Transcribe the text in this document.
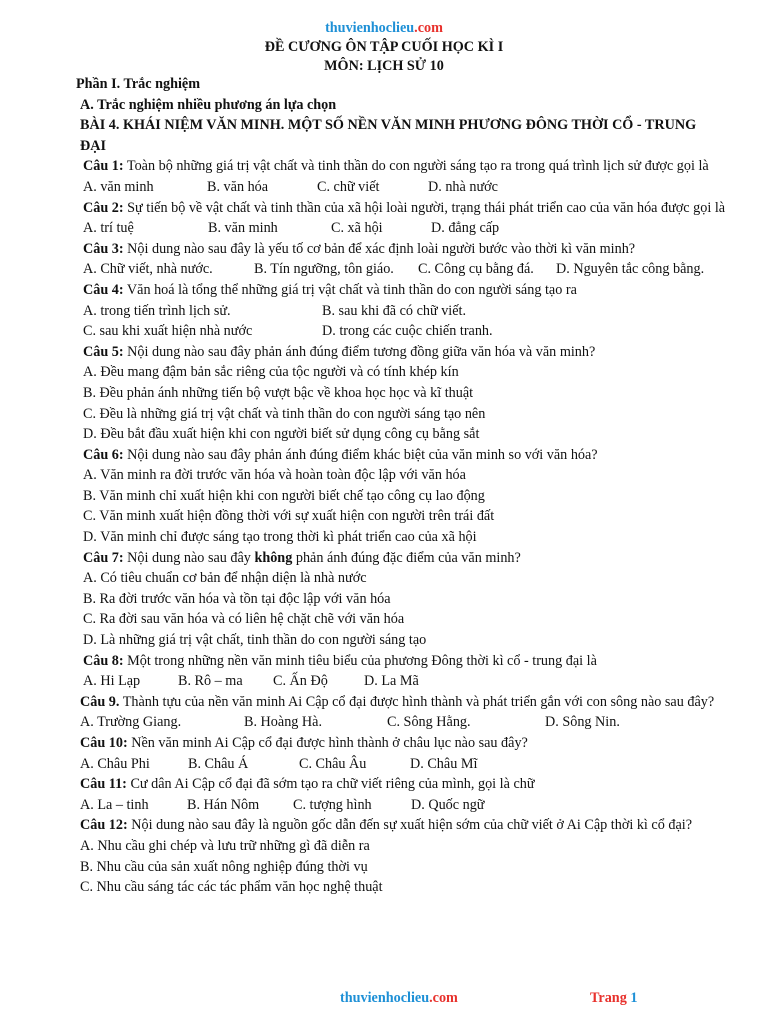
thuvienhoclieu.com
ĐỀ CƯƠNG ÔN TẬP CUỐI HỌC KÌ I
MÔN: LỊCH SỬ 10
Phần I. Trắc nghiệm
A. Trắc nghiệm nhiều phương án lựa chọn
BÀI 4. KHÁI NIỆM VĂN MINH. MỘT SỐ NỀN VĂN MINH PHƯƠNG ĐÔNG THỜI CỔ - TRUNG ĐẠI
Câu 1: Toàn bộ những giá trị vật chất và tinh thần do con người sáng tạo ra trong quá trình lịch sử được gọi là
A. văn minh	B. văn hóa	C. chữ viết	D. nhà nước
Câu 2: Sự tiến bộ về vật chất và tinh thần của xã hội loài người, trạng thái phát triển cao của văn hóa được gọi là
A. trí tuệ	B. văn minh	C. xã hội	D. đẳng cấp
Câu 3: Nội dung nào sau đây là yếu tố cơ bản để xác định loài người bước vào thời kì văn minh?
A. Chữ viết, nhà nước.	B. Tín ngưỡng, tôn giáo.	C. Công cụ bằng đá.	D. Nguyên tắc công bằng.
Câu 4: Văn hoá là tổng thể những giá trị vật chất và tinh thần do con người sáng tạo ra
A. trong tiến trình lịch sử.	B. sau khi đã có chữ viết.
C. sau khi xuất hiện nhà nước	D. trong các cuộc chiến tranh.
Câu 5: Nội dung nào sau đây phản ánh đúng điểm tương đồng giữa văn hóa và văn minh?
A. Đều mang đậm bản sắc riêng của tộc người và có tính khép kín
B. Đều phản ánh những tiến bộ vượt bậc về khoa học học và kĩ thuật
C. Đều là những giá trị vật chất và tinh thần do con người sáng tạo nên
D. Đều bắt đầu xuất hiện khi con người biết sử dụng công cụ bằng sắt
Câu 6: Nội dung nào sau đây phản ánh đúng điểm khác biệt của văn minh so với văn hóa?
A. Văn minh ra đời trước văn hóa và hoàn toàn độc lập với văn hóa
B. Văn minh chỉ xuất hiện khi con người biết chế tạo công cụ lao động
C. Văn minh xuất hiện đồng thời với sự xuất hiện con người trên trái đất
D. Văn minh chỉ được sáng tạo trong thời kì phát triển cao của xã hội
Câu 7: Nội dung nào sau đây không phản ánh đúng đặc điểm của văn minh?
A. Có tiêu chuẩn cơ bản để nhận diện là nhà nước
B. Ra đời trước văn hóa và tồn tại độc lập với văn hóa
C. Ra đời sau văn hóa và có liên hệ chặt chẽ với văn hóa
D. Là những giá trị vật chất, tinh thần do con người sáng tạo
Câu 8: Một trong những nền văn minh tiêu biểu của phương Đông thời kì cổ - trung đại là
A. Hi Lạp	B. Rô – ma	C. Ấn Độ	D. La Mã
Câu 9. Thành tựu của nền văn minh Ai Cập cổ đại được hình thành và phát triển gắn với con sông nào sau đây?
A. Trường Giang.	B. Hoàng Hà.	C. Sông Hằng.	D. Sông Nin.
Câu 10: Nền văn minh Ai Cập cổ đại được hình thành ở châu lục nào sau đây?
A. Châu Phi	B. Châu Á	C. Châu Âu	D. Châu Mĩ
Câu 11: Cư dân Ai Cập cổ đại đã sớm tạo ra chữ viết riêng của mình, gọi là chữ
A. La – tinh	B. Hán Nôm	C. tượng hình	D. Quốc ngữ
Câu 12: Nội dung nào sau đây là nguồn gốc dẫn đến sự xuất hiện sớm của chữ viết ở Ai Cập thời kì cổ đại?
A. Nhu cầu ghi chép và lưu trữ những gì đã diễn ra
B. Nhu cầu của sản xuất nông nghiệp đúng thời vụ
C. Nhu cầu sáng tác các tác phẩm văn học nghệ thuật
thuvienhoclieu.com	Trang 1
